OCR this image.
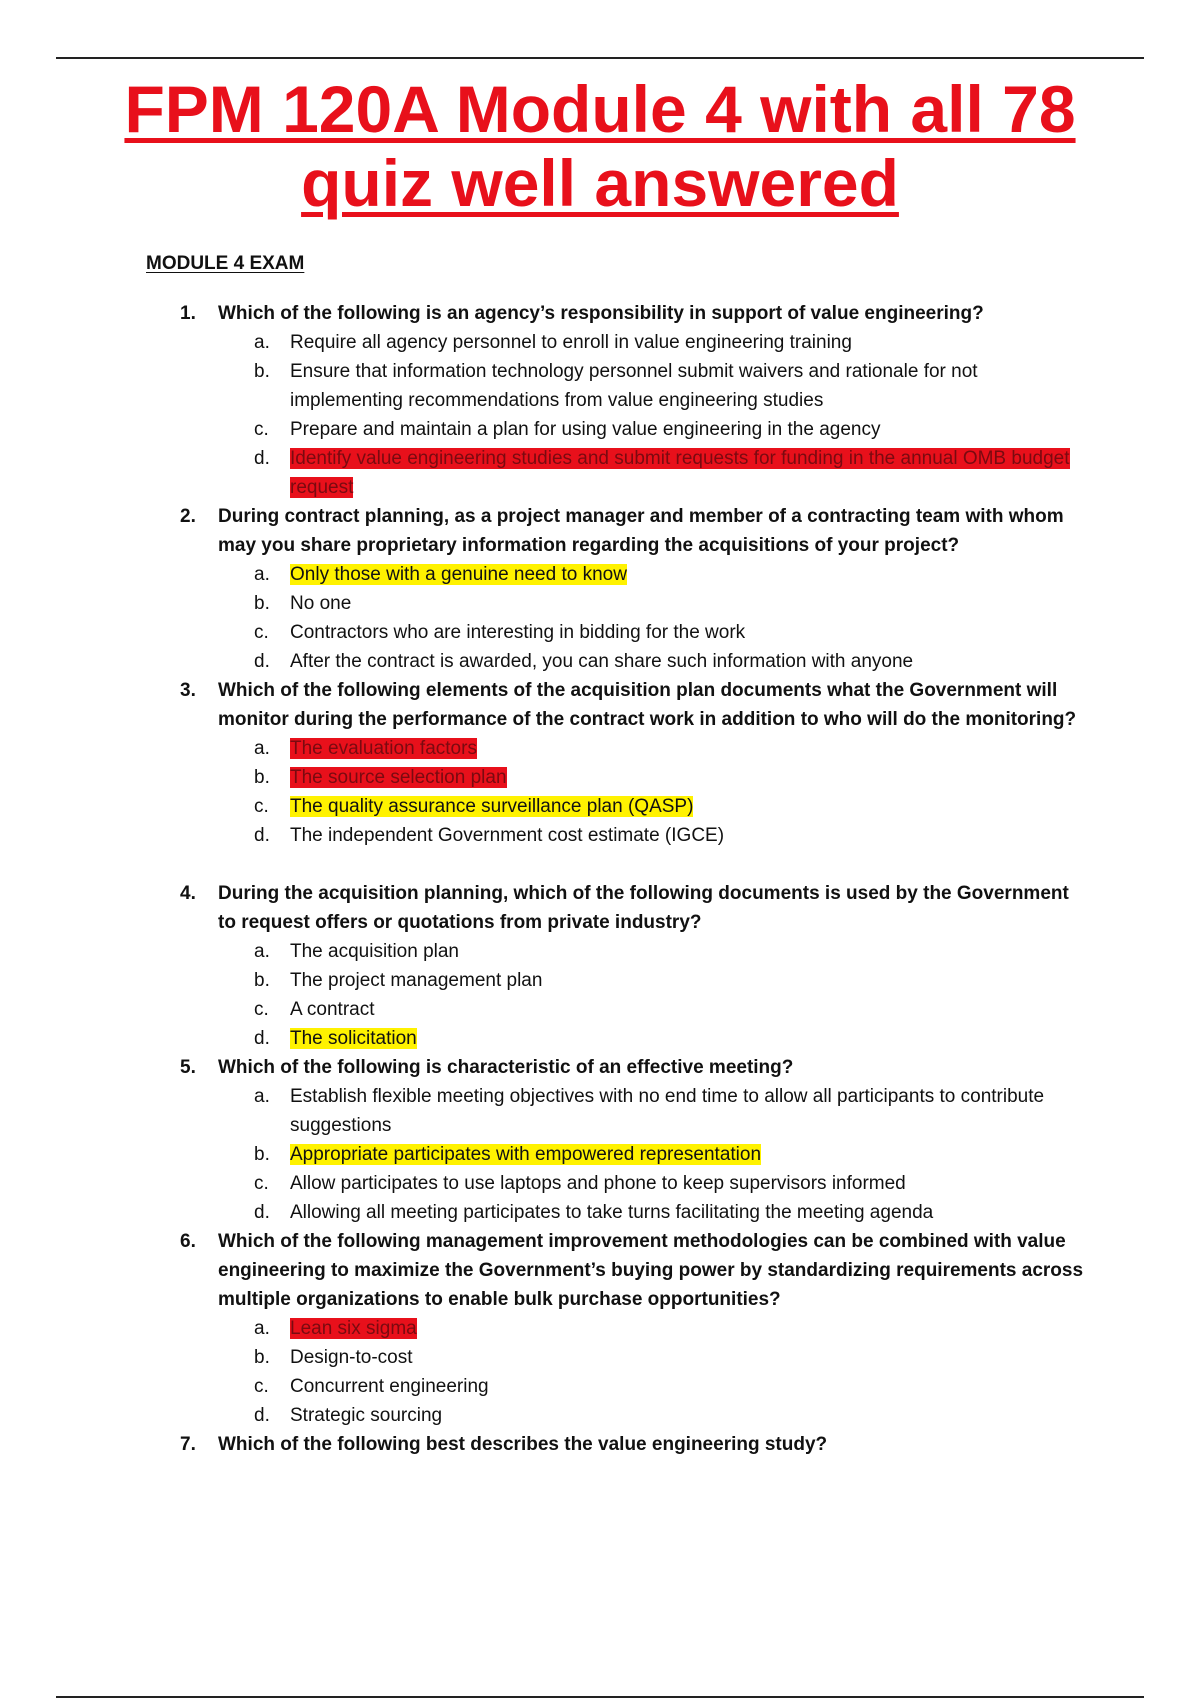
FPM 120A Module 4 with all 78
quiz well answered
MODULE 4 EXAM
1. Which of the following is an agency’s responsibility in support of value engineering?
a. Require all agency personnel to enroll in value engineering training
b. Ensure that information technology personnel submit waivers and rationale for not implementing recommendations from value engineering studies
c. Prepare and maintain a plan for using value engineering in the agency
d. Identify value engineering studies and submit requests for funding in the annual OMB budget request
2. During contract planning, as a project manager and member of a contracting team with whom may you share proprietary information regarding the acquisitions of your project?
a. Only those with a genuine need to know
b. No one
c. Contractors who are interesting in bidding for the work
d. After the contract is awarded, you can share such information with anyone
3. Which of the following elements of the acquisition plan documents what the Government will monitor during the performance of the contract work in addition to who will do the monitoring?
a. The evaluation factors
b. The source selection plan
c. The quality assurance surveillance plan (QASP)
d. The independent Government cost estimate (IGCE)
4. During the acquisition planning, which of the following documents is used by the Government to request offers or quotations from private industry?
a. The acquisition plan
b. The project management plan
c. A contract
d. The solicitation
5. Which of the following is characteristic of an effective meeting?
a. Establish flexible meeting objectives with no end time to allow all participants to contribute suggestions
b. Appropriate participates with empowered representation
c. Allow participates to use laptops and phone to keep supervisors informed
d. Allowing all meeting participates to take turns facilitating the meeting agenda
6. Which of the following management improvement methodologies can be combined with value engineering to maximize the Government’s buying power by standardizing requirements across multiple organizations to enable bulk purchase opportunities?
a. Lean six sigma
b. Design-to-cost
c. Concurrent engineering
d. Strategic sourcing
7. Which of the following best describes the value engineering study?
